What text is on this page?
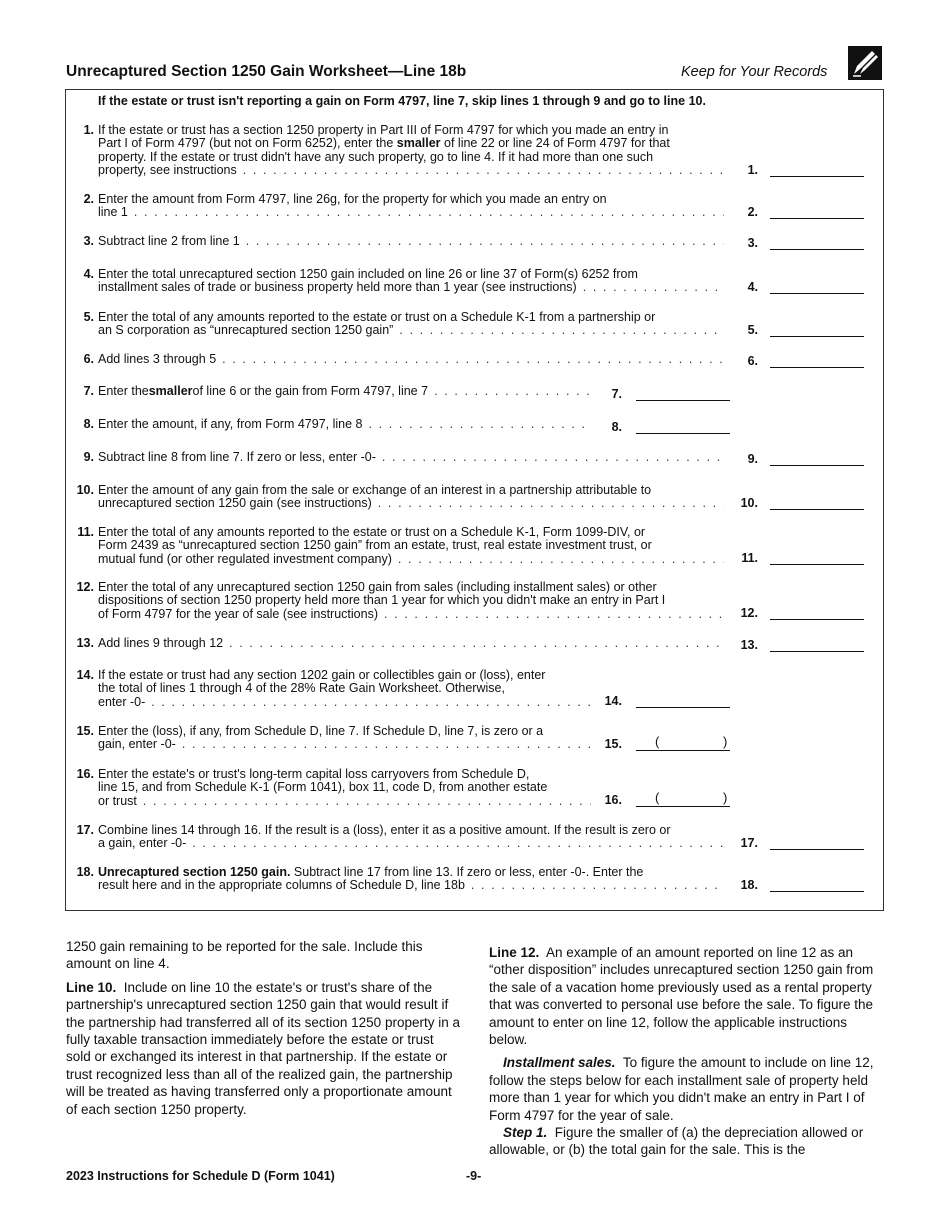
Unrecaptured Section 1250 Gain Worksheet—Line 18b	Keep for Your Records
If the estate or trust isn't reporting a gain on Form 4797, line 7, skip lines 1 through 9 and go to line 10.
1. If the estate or trust has a section 1250 property in Part III of Form 4797 for which you made an entry in
Part I of Form 4797 (but not on Form 6252), enter the smaller of line 22 or line 24 of Form 4797 for that
property. If the estate or trust didn't have any such property, go to line 4. If it had more than one such
property, see instructions . . .	1.
2. Enter the amount from Form 4797, line 26g, for the property for which you made an entry on
line 1 . . .	2.
3. Subtract line 2 from line 1 . . .	3.
4. Enter the total unrecaptured section 1250 gain included on line 26 or line 37 of Form(s) 6252 from
installment sales of trade or business property held more than 1 year (see instructions) . . .	4.
5. Enter the total of any amounts reported to the estate or trust on a Schedule K-1 from a partnership or
an S corporation as “unrecaptured section 1250 gain” . . .	5.
6. Add lines 3 through 5 . . .	6.
7. Enter the smaller of line 6 or the gain from Form 4797, line 7 . . .	7.
8. Enter the amount, if any, from Form 4797, line 8 . . .	8.
9. Subtract line 8 from line 7. If zero or less, enter -0- . . .	9.
10. Enter the amount of any gain from the sale or exchange of an interest in a partnership attributable to
unrecaptured section 1250 gain (see instructions) . . .	10.
11. Enter the total of any amounts reported to the estate or trust on a Schedule K-1, Form 1099-DIV, or
Form 2439 as “unrecaptured section 1250 gain” from an estate, trust, real estate investment trust, or
mutual fund (or other regulated investment company) . . .	11.
12. Enter the total of any unrecaptured section 1250 gain from sales (including installment sales) or other
dispositions of section 1250 property held more than 1 year for which you didn't make an entry in Part I
of Form 4797 for the year of sale (see instructions) . . .	12.
13. Add lines 9 through 12 . . .	13.
14. If the estate or trust had any section 1202 gain or collectibles gain or (loss), enter
the total of lines 1 through 4 of the 28% Rate Gain Worksheet. Otherwise,
enter -0- . . .	14.
15. Enter the (loss), if any, from Schedule D, line 7. If Schedule D, line 7, is zero or a
gain, enter -0- . . .	15.	(	)
16. Enter the estate's or trust's long-term capital loss carryovers from Schedule D,
line 15, and from Schedule K-1 (Form 1041), box 11, code D, from another estate
or trust . . .	16.	(	)
17. Combine lines 14 through 16. If the result is a (loss), enter it as a positive amount. If the result is zero or
a gain, enter -0- . . .	17.
18. Unrecaptured section 1250 gain. Subtract line 17 from line 13. If zero or less, enter -0-. Enter the
result here and in the appropriate columns of Schedule D, line 18b . . .	18.

1250 gain remaining to be reported for the sale. Include this amount on line 4.

Line 10. Include on line 10 the estate's or trust's share of the partnership's unrecaptured section 1250 gain that would result if the partnership had transferred all of its section 1250 property in a fully taxable transaction immediately before the estate or trust sold or exchanged its interest in that partnership. If the estate or trust recognized less than all of the realized gain, the partnership will be treated as having transferred only a proportionate amount of each section 1250 property.

Line 12. An example of an amount reported on line 12 as an “other disposition” includes unrecaptured section 1250 gain from the sale of a vacation home previously used as a rental property that was converted to personal use before the sale. To figure the amount to enter on line 12, follow the applicable instructions below.

Installment sales. To figure the amount to include on line 12, follow the steps below for each installment sale of property held more than 1 year for which you didn't make an entry in Part I of Form 4797 for the year of sale.

Step 1. Figure the smaller of (a) the depreciation allowed or allowable, or (b) the total gain for the sale. This is the

2023 Instructions for Schedule D (Form 1041)	-9-
